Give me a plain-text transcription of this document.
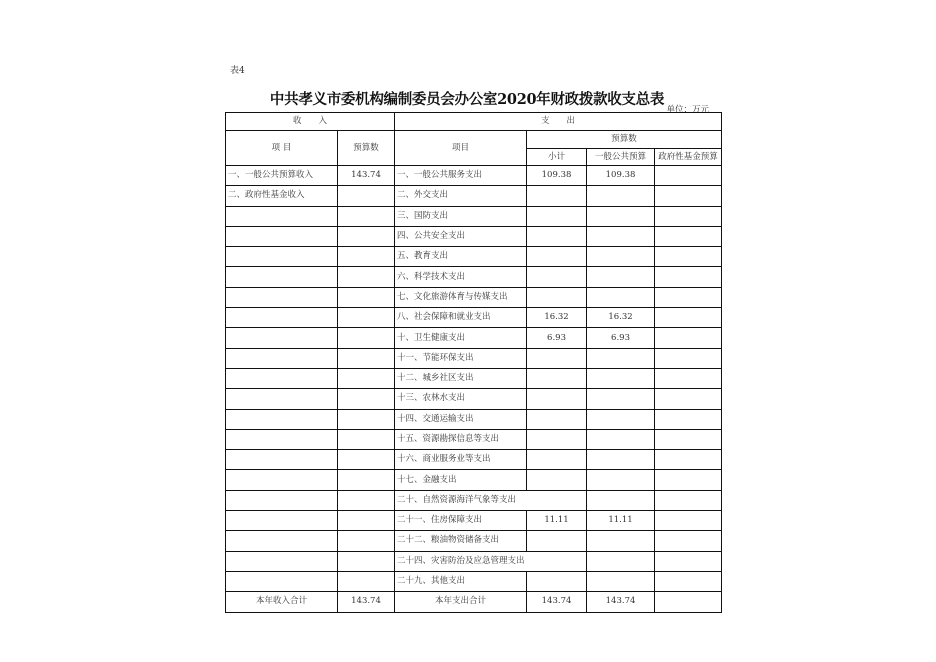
表4
中共孝义市委机构编制委员会办公室2020年财政拨款收支总表
单位：万元
收　　入		支　　出			
项 目	预算数	项目	预算数		
			小计	一般公共预算	政府性基金预算
一、一般公共预算收入	143.74	一、一般公共服务支出	109.38	109.38	
二、政府性基金收入		二、外交支出			
		三、国防支出			
		四、公共安全支出			
		五、教育支出			
		六、科学技术支出			
		七、文化旅游体育与传媒支出			
		八、社会保障和就业支出	16.32	16.32	
		十、卫生健康支出	6.93	6.93	
		十一、节能环保支出			
		十二、城乡社区支出			
		十三、农林水支出			
		十四、交通运输支出			
		十五、资源勘探信息等支出			
		十六、商业服务业等支出			
		十七、金融支出			
		二十、自然资源海洋气象等支出			
		二十一、住房保障支出	11.11	11.11	
		二十二、粮油物资储备支出			
		二十四、灾害防治及应急管理支出			
		二十九、其他支出			
本年收入合计	143.74	本年支出合计	143.74	143.74	
